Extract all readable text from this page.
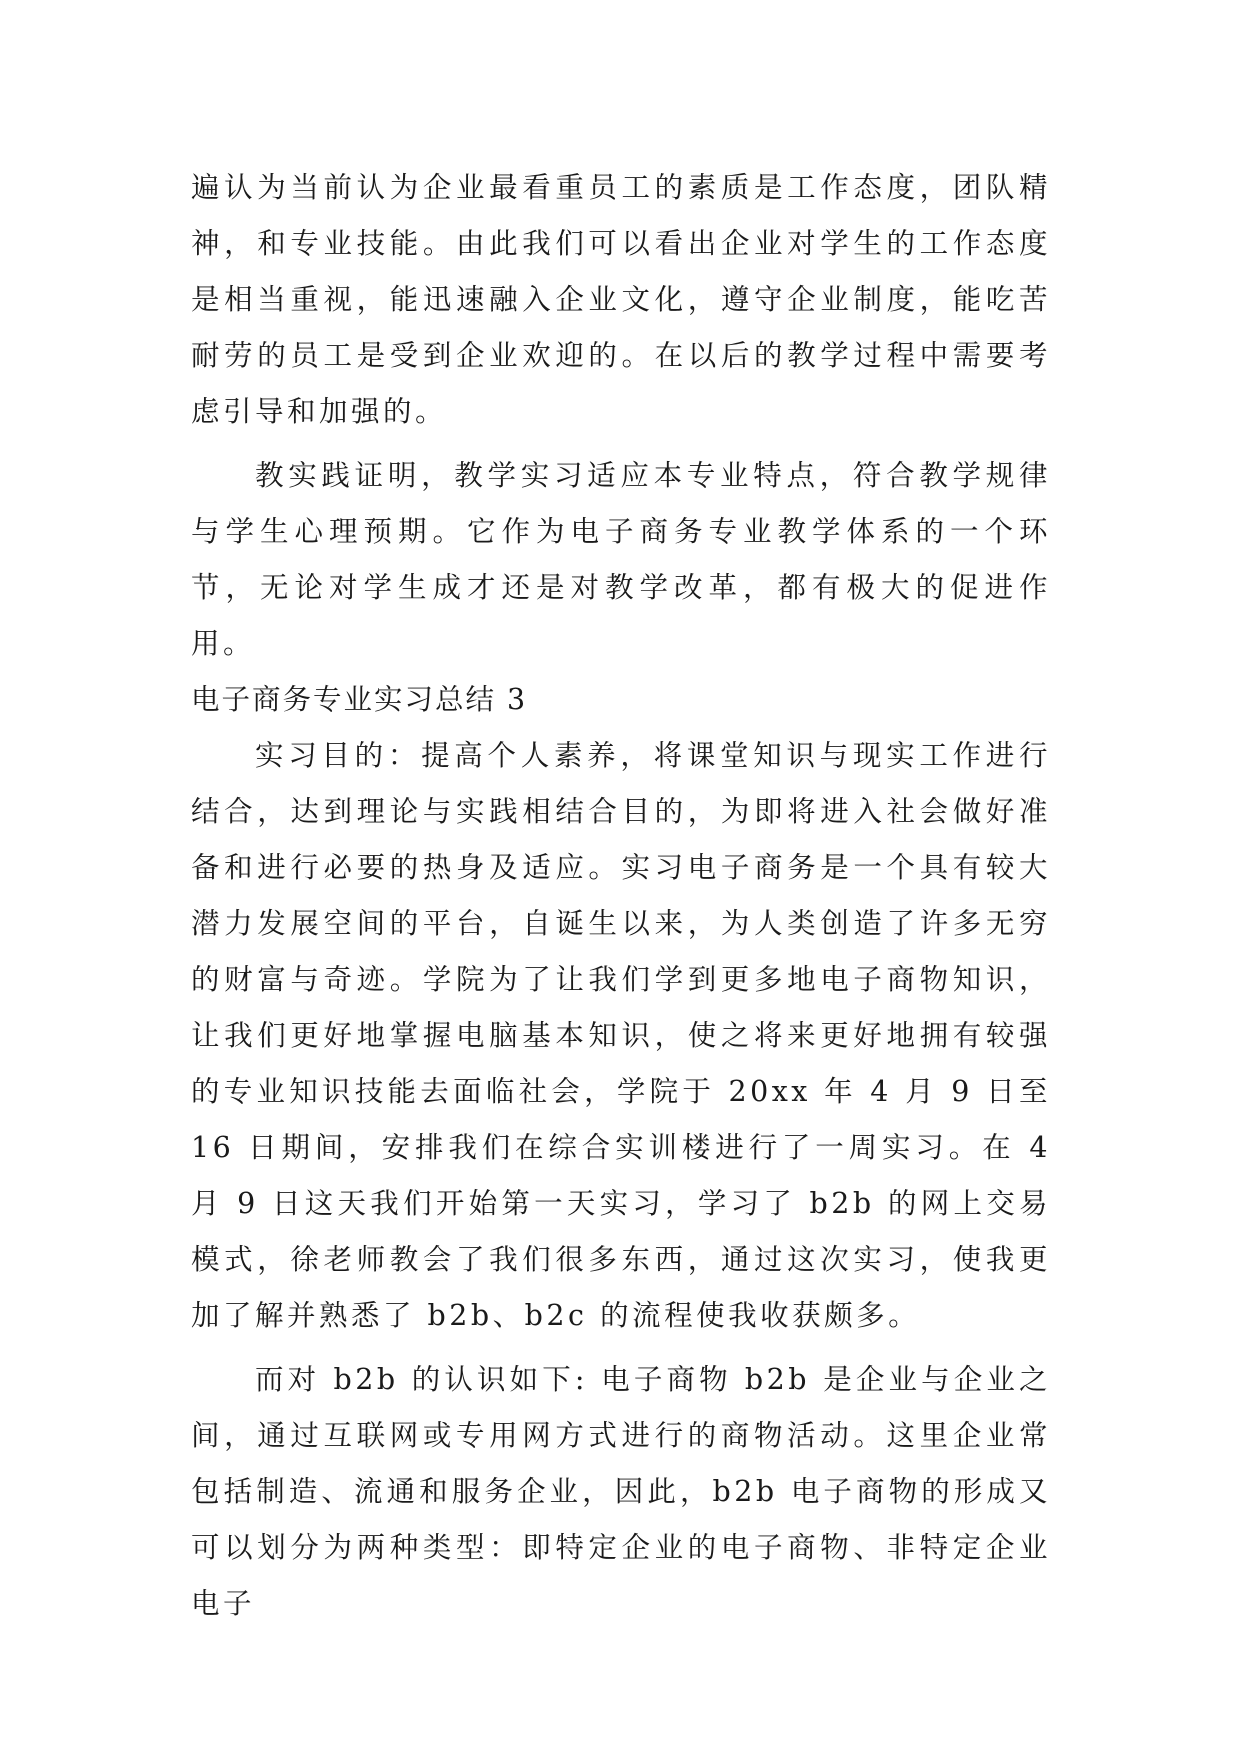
遍认为当前认为企业最看重员工的素质是工作态度，团队精神，和专业技能。由此我们可以看出企业对学生的工作态度是相当重视，能迅速融入企业文化，遵守企业制度，能吃苦耐劳的员工是受到企业欢迎的。在以后的教学过程中需要考虑引导和加强的。

教实践证明，教学实习适应本专业特点，符合教学规律与学生心理预期。它作为电子商务专业教学体系的一个环节，无论对学生成才还是对教学改革，都有极大的促进作用。

电子商务专业实习总结 3

实习目的：提高个人素养，将课堂知识与现实工作进行结合，达到理论与实践相结合目的，为即将进入社会做好准备和进行必要的热身及适应。实习电子商务是一个具有较大潜力发展空间的平台，自诞生以来，为人类创造了许多无穷的财富与奇迹。学院为了让我们学到更多地电子商物知识，让我们更好地掌握电脑基本知识，使之将来更好地拥有较强的专业知识技能去面临社会，学院于 20xx 年 4 月 9 日至 16 日期间，安排我们在综合实训楼进行了一周实习。在 4 月 9 日这天我们开始第一天实习，学习了 b2b 的网上交易模式，徐老师教会了我们很多东西，通过这次实习，使我更加了解并熟悉了 b2b、b2c 的流程使我收获颇多。

而对 b2b 的认识如下: 电子商物 b2b 是企业与企业之间，通过互联网或专用网方式进行的商物活动。这里企业常包括制造、流通和服务企业，因此，b2b 电子商物的形成又可以划分为两种类型：即特定企业的电子商物、非特定企业电子
